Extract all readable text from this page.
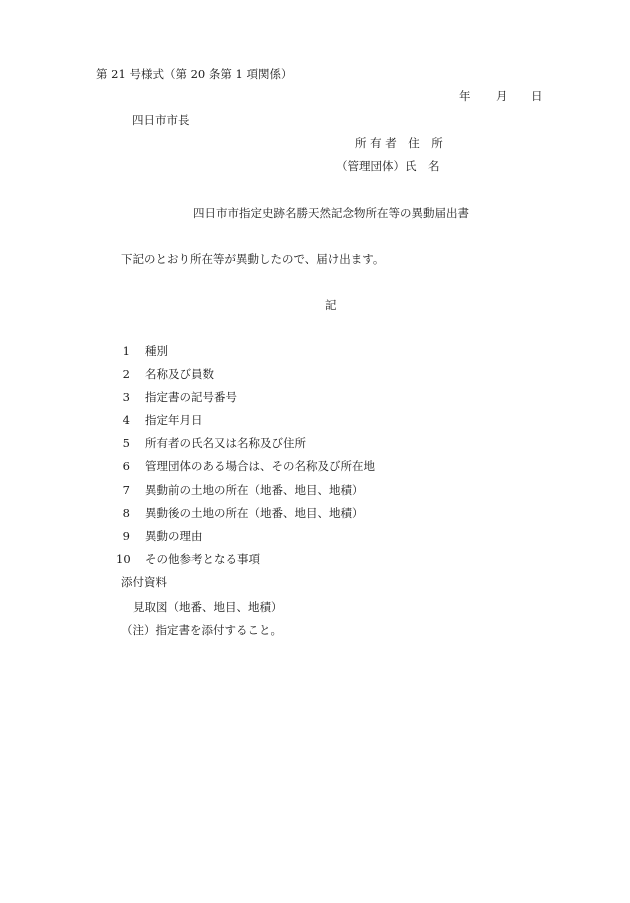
第 21 号様式（第 20 条第 1 項関係）
年 月 日
四日市市長
所 有 者　住　所
（管理団体）氏　名
四日市市指定史跡名勝天然記念物所在等の異動届出書
下記のとおり所在等が異動したので、届け出ます。
記
1 種別
2 名称及び員数
3 指定書の記号番号
4 指定年月日
5 所有者の氏名又は名称及び住所
6 管理団体のある場合は、その名称及び所在地
7 異動前の土地の所在（地番、地目、地積）
8 異動後の土地の所在（地番、地目、地積）
9 異動の理由
10 その他参考となる事項
添付資料
見取図（地番、地目、地積）
（注）指定書を添付すること。
